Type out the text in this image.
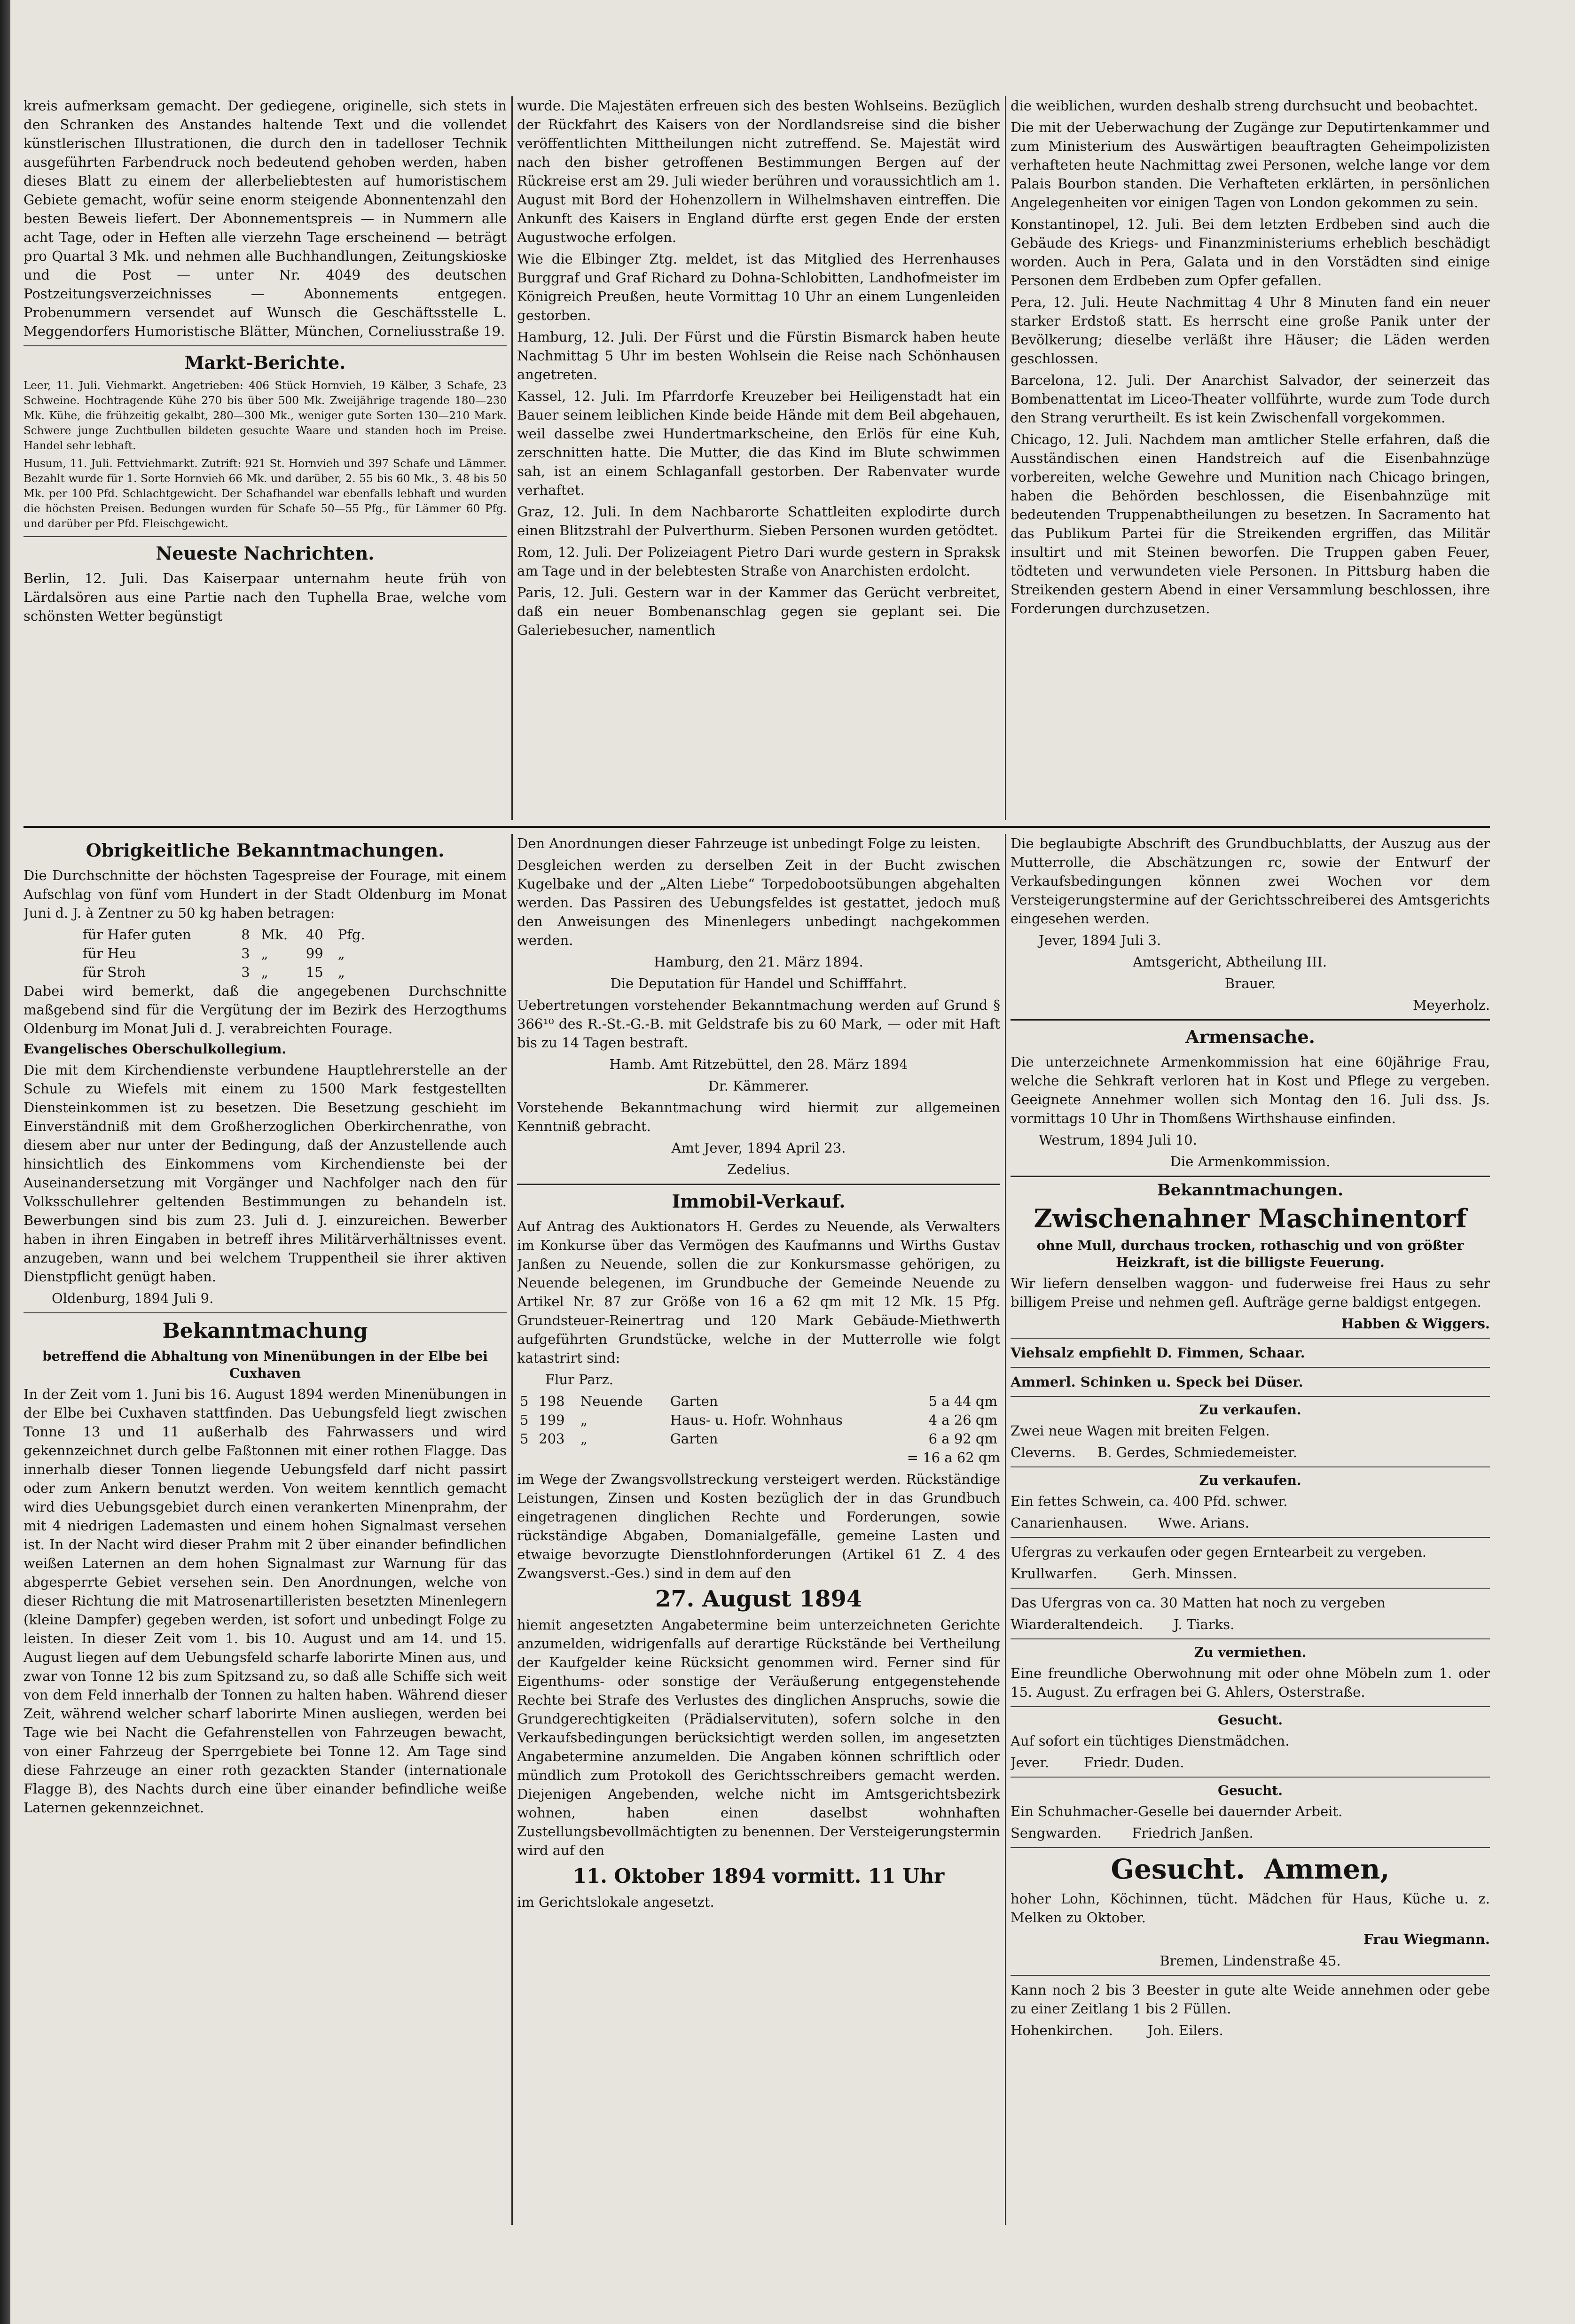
kreis aufmerksam gemacht. Der gediegene, originelle, sich stets in den Schranken des Anstandes haltende Text und die vollendet künstlerischen Illustrationen, die durch den in tadelloser Technik ausgeführten Farbendruck noch bedeutend gehoben werden, haben dieses Blatt zu einem der allerbeliebtesten auf humoristischem Gebiete gemacht, wofür seine enorm steigende Abonnentenzahl den besten Beweis liefert. Der Abonnementspreis — in Nummern alle acht Tage, oder in Heften alle vierzehn Tage erscheinend — beträgt pro Quartal 3 Mk. und nehmen alle Buchhandlungen, Zeitungskioske und die Post — unter Nr. 4049 des deutschen Postzeitungsverzeichnisses — Abonnements entgegen. Probenummern versendet auf Wunsch die Geschäftsstelle L. Meggendorfers Humoristische Blätter, München, Corneliusstraße 19.

Markt-Berichte.

Leer, 11. Juli. Viehmarkt. Angetrieben: 406 Stück Hornvieh, 19 Kälber, 3 Schafe, 23 Schweine. Hochtragende Kühe 270 bis über 500 Mk. Zweijährige tragende 180—230 Mk. Kühe, die frühzeitig gekalbt, 280—300 Mk., weniger gute Sorten 130—210 Mark. Schwere junge Zuchtbullen bildeten gesuchte Waare und standen hoch im Preise. Handel sehr lebhaft.

Husum, 11. Juli. Fettviehmarkt. Zutrift: 921 St. Hornvieh und 397 Schafe und Lämmer. Bezahlt wurde für 1. Sorte Hornvieh 66 Mk. und darüber, 2. 55 bis 60 Mk., 3. 48 bis 50 Mk. per 100 Pfd. Schlachtgewicht. Der Schafhandel war ebenfalls lebhaft und wurden die höchsten Preisen. Bedungen wurden für Schafe 50—55 Pfg., für Lämmer 60 Pfg. und darüber per Pfd. Fleischgewicht.

Neueste Nachrichten.

Berlin, 12. Juli. Das Kaiserpaar unternahm heute früh von Lärdalsören aus eine Partie nach den Tuphella Brae, welche vom schönsten Wetter begünstigt

wurde. Die Majestäten erfreuen sich des besten Wohlseins. Bezüglich der Rückfahrt des Kaisers von der Nordlandsreise sind die bisher veröffentlichten Mittheilungen nicht zutreffend. Se. Majestät wird nach den bisher getroffenen Bestimmungen Bergen auf der Rückreise erst am 29. Juli wieder berühren und voraussichtlich am 1. August mit Bord der Hohenzollern in Wilhelmshaven eintreffen. Die Ankunft des Kaisers in England dürfte erst gegen Ende der ersten Augustwoche erfolgen.

Wie die Elbinger Ztg. meldet, ist das Mitglied des Herrenhauses Burggraf und Graf Richard zu Dohna-Schlobitten, Landhofmeister im Königreich Preußen, heute Vormittag 10 Uhr an einem Lungenleiden gestorben.

Hamburg, 12. Juli. Der Fürst und die Fürstin Bismarck haben heute Nachmittag 5 Uhr im besten Wohlsein die Reise nach Schönhausen angetreten.

Kassel, 12. Juli. Im Pfarrdorfe Kreuzeber bei Heiligenstadt hat ein Bauer seinem leiblichen Kinde beide Hände mit dem Beil abgehauen, weil dasselbe zwei Hundertmarkscheine, den Erlös für eine Kuh, zerschnitten hatte. Die Mutter, die das Kind im Blute schwimmen sah, ist an einem Schlaganfall gestorben. Der Rabenvater wurde verhaftet.

Graz, 12. Juli. In dem Nachbarorte Schattleiten explodirte durch einen Blitzstrahl der Pulverthurm. Sieben Personen wurden getödtet.

Rom, 12. Juli. Der Polizeiagent Pietro Dari wurde gestern in Spraksk am Tage und in der belebtesten Straße von Anarchisten erdolcht.

Paris, 12. Juli. Gestern war in der Kammer das Gerücht verbreitet, daß ein neuer Bombenanschlag gegen sie geplant sei. Die Galeriebesucher, namentlich

die weiblichen, wurden deshalb streng durchsucht und beobachtet.

Die mit der Ueberwachung der Zugänge zur Deputirtenkammer und zum Ministerium des Auswärtigen beauftragten Geheimpolizisten verhafteten heute Nachmittag zwei Personen, welche lange vor dem Palais Bourbon standen. Die Verhafteten erklärten, in persönlichen Angelegenheiten vor einigen Tagen von London gekommen zu sein.

Konstantinopel, 12. Juli. Bei dem letzten Erdbeben sind auch die Gebäude des Kriegs- und Finanzministeriums erheblich beschädigt worden. Auch in Pera, Galata und in den Vorstädten sind einige Personen dem Erdbeben zum Opfer gefallen.

Pera, 12. Juli. Heute Nachmittag 4 Uhr 8 Minuten fand ein neuer starker Erdstoß statt. Es herrscht eine große Panik unter der Bevölkerung; dieselbe verläßt ihre Häuser; die Läden werden geschlossen.

Barcelona, 12. Juli. Der Anarchist Salvador, der seinerzeit das Bombenattentat im Liceo-Theater vollführte, wurde zum Tode durch den Strang verurtheilt. Es ist kein Zwischenfall vorgekommen.

Chicago, 12. Juli. Nachdem man amtlicher Stelle erfahren, daß die Ausständischen einen Handstreich auf die Eisenbahnzüge vorbereiten, welche Gewehre und Munition nach Chicago bringen, haben die Behörden beschlossen, die Eisenbahnzüge mit bedeutenden Truppenabtheilungen zu besetzen. In Sacramento hat das Publikum Partei für die Streikenden ergriffen, das Militär insultirt und mit Steinen beworfen. Die Truppen gaben Feuer, tödteten und verwundeten viele Personen. In Pittsburg haben die Streikenden gestern Abend in einer Versammlung beschlossen, ihre Forderungen durchzusetzen.

Obrigkeitliche Bekanntmachungen.

Die Durchschnitte der höchsten Tagespreise der Fourage, mit einem Aufschlag von fünf vom Hundert in der Stadt Oldenburg im Monat Juni d. J. à Zentner zu 50 kg haben betragen:

für Hafer guten	8	Mk.	40	Pfg.
für Heu	3	„	99	„
für Stroh	3	„	15	„

Dabei wird bemerkt, daß die angegebenen Durchschnitte maßgebend sind für die Vergütung der im Bezirk des Herzogthums Oldenburg im Monat Juli d. J. verabreichten Fourage.

Evangelisches Oberschulkollegium.

Die mit dem Kirchendienste verbundene Hauptlehrerstelle an der Schule zu Wiefels mit einem zu 1500 Mark festgestellten Diensteinkommen ist zu besetzen. Die Besetzung geschieht im Einverständniß mit dem Großherzoglichen Oberkirchenrathe, von diesem aber nur unter der Bedingung, daß der Anzustellende auch hinsichtlich des Einkommens vom Kirchendienste bei der Auseinandersetzung mit Vorgänger und Nachfolger nach den für Volksschullehrer geltenden Bestimmungen zu behandeln ist. Bewerbungen sind bis zum 23. Juli d. J. einzureichen. Bewerber haben in ihren Eingaben in betreff ihres Militärverhältnisses event. anzugeben, wann und bei welchem Truppentheil sie ihrer aktiven Dienstpflicht genügt haben.

Oldenburg, 1894 Juli 9.

Bekanntmachung
betreffend die Abhaltung von Minenübungen in der Elbe bei Cuxhaven

In der Zeit vom 1. Juni bis 16. August 1894 werden Minenübungen in der Elbe bei Cuxhaven stattfinden. Das Uebungsfeld liegt zwischen Tonne 13 und 11 außerhalb des Fahrwassers und wird gekennzeichnet durch gelbe Faßtonnen mit einer rothen Flagge. Das innerhalb dieser Tonnen liegende Uebungsfeld darf nicht passirt oder zum Ankern benutzt werden. Von weitem kenntlich gemacht wird dies Uebungsgebiet durch einen verankerten Minenprahm, der mit 4 niedrigen Lademasten und einem hohen Signalmast versehen ist. In der Nacht wird dieser Prahm mit 2 über einander befindlichen weißen Laternen an dem hohen Signalmast zur Warnung für das abgesperrte Gebiet versehen sein. Den Anordnungen, welche von dieser Richtung die mit Matrosenartilleristen besetzten Minenlegern (kleine Dampfer) gegeben werden, ist sofort und unbedingt Folge zu leisten. In dieser Zeit vom 1. bis 10. August und am 14. und 15. August liegen auf dem Uebungsfeld scharfe laborirte Minen aus, und zwar von Tonne 12 bis zum Spitzsand zu, so daß alle Schiffe sich weit von dem Feld innerhalb der Tonnen zu halten haben. Während dieser Zeit, während welcher scharf laborirte Minen ausliegen, werden bei Tage wie bei Nacht die Gefahrenstellen von Fahrzeugen bewacht, von einer Fahrzeug der Sperrgebiete bei Tonne 12. Am Tage sind diese Fahrzeuge an einer roth gezackten Stander (internationale Flagge B), des Nachts durch eine über einander befindliche weiße Laternen gekennzeichnet.

Den Anordnungen dieser Fahrzeuge ist unbedingt Folge zu leisten.

Desgleichen werden zu derselben Zeit in der Bucht zwischen Kugelbake und der „Alten Liebe“ Torpedobootsübungen abgehalten werden. Das Passiren des Uebungsfeldes ist gestattet, jedoch muß den Anweisungen des Minenlegers unbedingt nachgekommen werden.

Hamburg, den 21. März 1894.

Die Deputation für Handel und Schifffahrt.

Uebertretungen vorstehender Bekanntmachung werden auf Grund § 366¹⁰ des R.-St.-G.-B. mit Geldstrafe bis zu 60 Mark, — oder mit Haft bis zu 14 Tagen bestraft.

Hamb. Amt Ritzebüttel, den 28. März 1894

Dr. Kämmerer.

Vorstehende Bekanntmachung wird hiermit zur allgemeinen Kenntniß gebracht.

Amt Jever, 1894 April 23.

Zedelius.

Immobil-Verkauf.

Auf Antrag des Auktionators H. Gerdes zu Neuende, als Verwalters im Konkurse über das Vermögen des Kaufmanns und Wirths Gustav Janßen zu Neuende, sollen die zur Konkursmasse gehörigen, zu Neuende belegenen, im Grundbuche der Gemeinde Neuende zu Artikel Nr. 87 zur Größe von 16 a 62 qm mit 12 Mk. 15 Pfg. Grundsteuer-Reinertrag und 120 Mark Gebäude-Miethwerth aufgeführten Grundstücke, welche in der Mutterrolle wie folgt katastrirt sind:

Flur Parz.

5	198	Neuende	Garten	5 a 44 qm
5	199	„	Haus- u. Hofr. Wohnhaus	4 a 26 qm
5	203	„	Garten	6 a 92 qm

= 16 a 62 qm

im Wege der Zwangsvollstreckung versteigert werden. Rückständige Leistungen, Zinsen und Kosten bezüglich der in das Grundbuch eingetragenen dinglichen Rechte und Forderungen, sowie rückständige Abgaben, Domanialgefälle, gemeine Lasten und etwaige bevorzugte Dienstlohnforderungen (Artikel 61 Z. 4 des Zwangsverst.-Ges.) sind in dem auf den

27. August 1894

hiemit angesetzten Angabetermine beim unterzeichneten Gerichte anzumelden, widrigenfalls auf derartige Rückstände bei Vertheilung der Kaufgelder keine Rücksicht genommen wird. Ferner sind für Eigenthums- oder sonstige der Veräußerung entgegenstehende Rechte bei Strafe des Verlustes des dinglichen Anspruchs, sowie die Grundgerechtigkeiten (Prädialservituten), sofern solche in den Verkaufsbedingungen berücksichtigt werden sollen, im angesetzten Angabetermine anzumelden. Die Angaben können schriftlich oder mündlich zum Protokoll des Gerichtsschreibers gemacht werden. Diejenigen Angebenden, welche nicht im Amtsgerichtsbezirk wohnen, haben einen daselbst wohnhaften Zustellungsbevollmächtigten zu benennen. Der Versteigerungstermin wird auf den

11. Oktober 1894 vormitt. 11 Uhr

im Gerichtslokale angesetzt.

Die beglaubigte Abschrift des Grundbuchblatts, der Auszug aus der Mutterrolle, die Abschätzungen rc, sowie der Entwurf der Verkaufsbedingungen können zwei Wochen vor dem Versteigerungstermine auf der Gerichtsschreiberei des Amtsgerichts eingesehen werden.

Jever, 1894 Juli 3.

Amtsgericht, Abtheilung III.

Brauer.

Meyerholz.

Armensache.

Die unterzeichnete Armenkommission hat eine 60jährige Frau, welche die Sehkraft verloren hat in Kost und Pflege zu vergeben. Geeignete Annehmer wollen sich Montag den 16. Juli dss. Js. vormittags 10 Uhr in Thomßens Wirthshause einfinden.

Westrum, 1894 Juli 10.

Die Armenkommission.

Bekanntmachungen.
Zwischenahner Maschinentorf
ohne Mull, durchaus trocken, rothaschig und von größter Heizkraft, ist die billigste Feuerung.

Wir liefern denselben waggon- und fuderweise frei Haus zu sehr billigem Preise und nehmen gefl. Aufträge gerne baldigst entgegen.

Habben & Wiggers.

Viehsalz empfiehlt D. Fimmen, Schaar.

Ammerl. Schinken u. Speck bei Düser.

Zu verkaufen.

Zwei neue Wagen mit breiten Felgen.

Cleverns.     B. Gerdes, Schmiedemeister.

Zu verkaufen.

Ein fettes Schwein, ca. 400 Pfd. schwer.

Canarienhausen.       Wwe. Arians.

Ufergras zu verkaufen oder gegen Erntearbeit zu vergeben.

Krullwarfen.        Gerh. Minssen.

Das Ufergras von ca. 30 Matten hat noch zu vergeben

Wiarderaltendeich.       J. Tiarks.

Zu vermiethen.

Eine freundliche Oberwohnung mit oder ohne Möbeln zum 1. oder 15. August. Zu erfragen bei G. Ahlers, Osterstraße.

Gesucht.

Auf sofort ein tüchtiges Dienstmädchen.

Jever.        Friedr. Duden.

Gesucht.

Ein Schuhmacher-Geselle bei dauernder Arbeit.

Sengwarden.       Friedrich Janßen.

Gesucht.  Ammen,

hoher Lohn, Köchinnen, tücht. Mädchen für Haus, Küche u. z. Melken zu Oktober.

Frau Wiegmann.

Bremen, Lindenstraße 45.

Kann noch 2 bis 3 Beester in gute alte Weide annehmen oder gebe zu einer Zeitlang 1 bis 2 Füllen.

Hohenkirchen.        Joh. Eilers.
